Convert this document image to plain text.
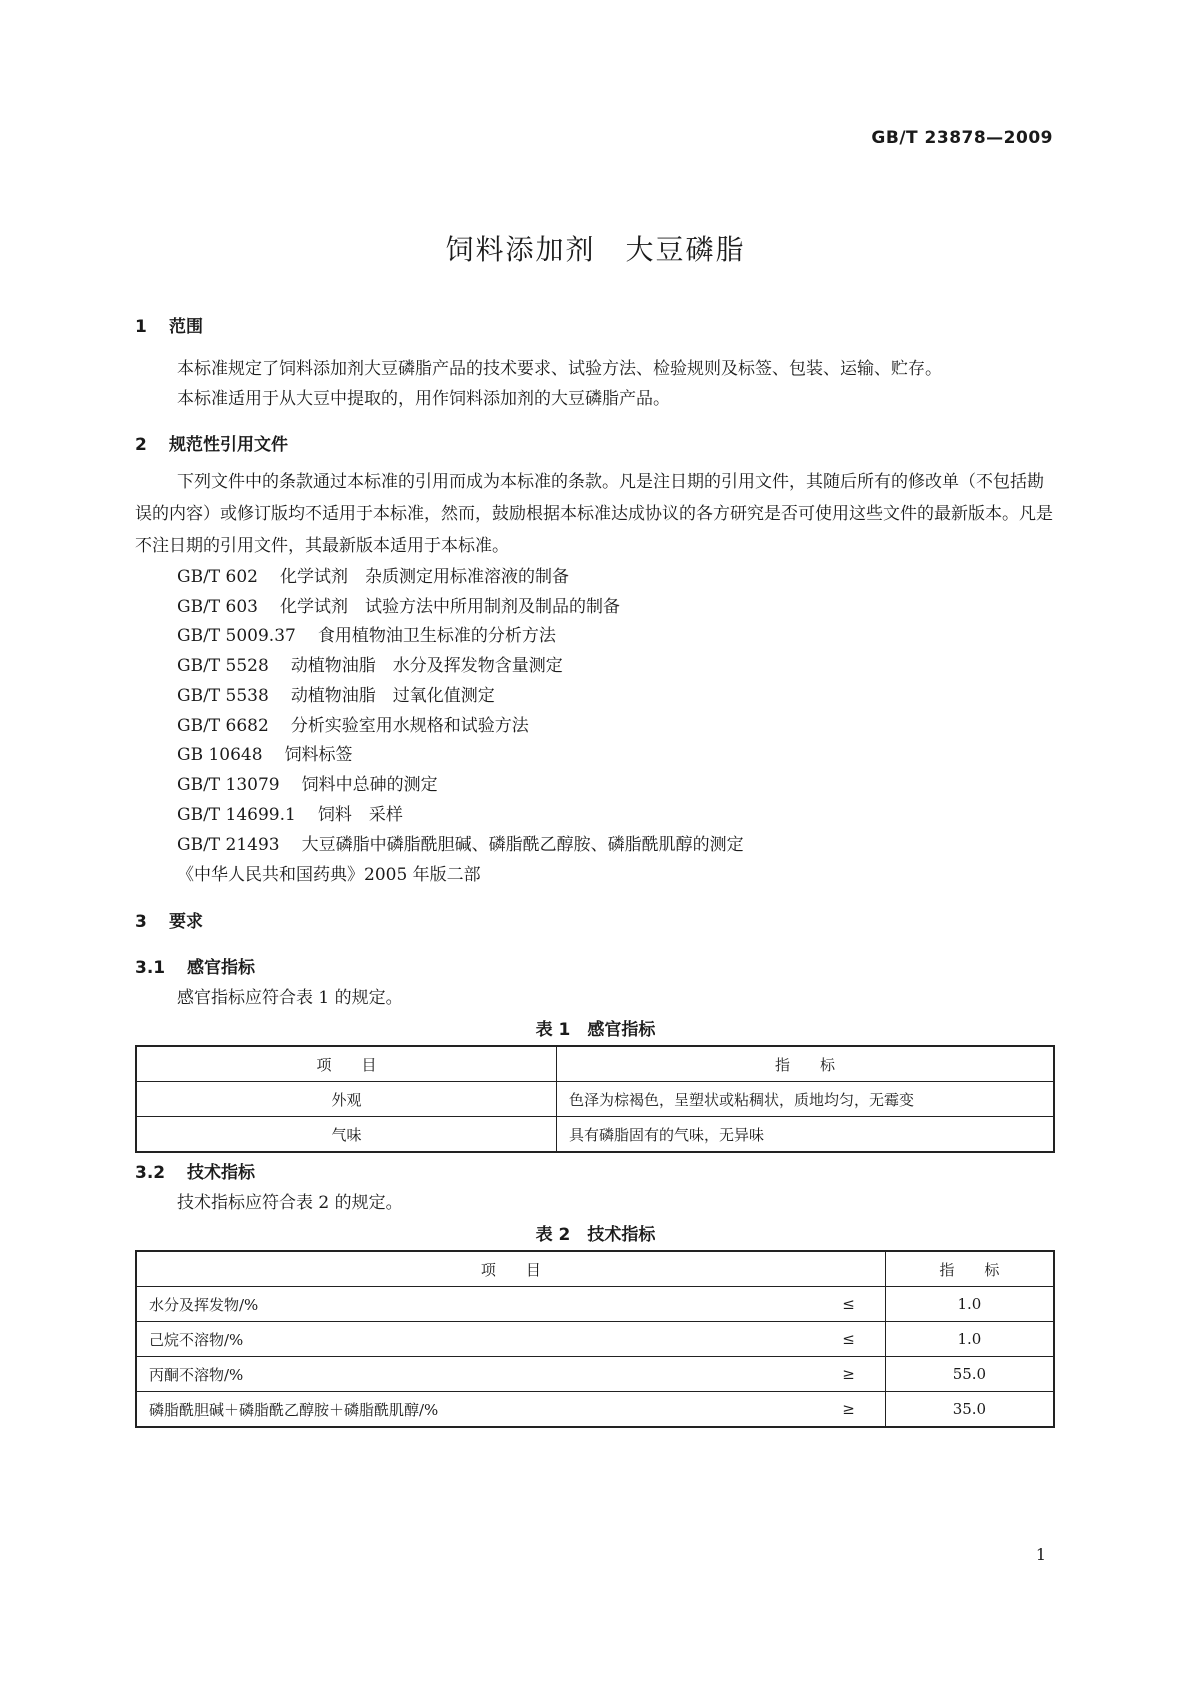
GB/T 23878—2009
饲料添加剂　大豆磷脂
1 范围
本标准规定了饲料添加剂大豆磷脂产品的技术要求、试验方法、检验规则及标签、包装、运输、贮存。
本标准适用于从大豆中提取的，用作饲料添加剂的大豆磷脂产品。
2 规范性引用文件
下列文件中的条款通过本标准的引用而成为本标准的条款。凡是注日期的引用文件，其随后所有的修改单（不包括勘误的内容）或修订版均不适用于本标准，然而，鼓励根据本标准达成协议的各方研究是否可使用这些文件的最新版本。凡是不注日期的引用文件，其最新版本适用于本标准。
GB/T 602 化学试剂　杂质测定用标准溶液的制备
GB/T 603 化学试剂　试验方法中所用制剂及制品的制备
GB/T 5009.37 食用植物油卫生标准的分析方法
GB/T 5528 动植物油脂　水分及挥发物含量测定
GB/T 5538 动植物油脂　过氧化值测定
GB/T 6682 分析实验室用水规格和试验方法
GB 10648 饲料标签
GB/T 13079 饲料中总砷的测定
GB/T 14699.1 饲料　采样
GB/T 21493 大豆磷脂中磷脂酰胆碱、磷脂酰乙醇胺、磷脂酰肌醇的测定
《中华人民共和国药典》2005 年版二部
3 要求
3.1 感官指标
感官指标应符合表 1 的规定。
表 1　感官指标
项　　目	指　　标
外观	色泽为棕褐色，呈塑状或粘稠状，质地均匀，无霉变
气味	具有磷脂固有的气味，无异味
3.2 技术指标
技术指标应符合表 2 的规定。
表 2　技术指标
项　　目		指　　标
水分及挥发物/%	≤	1.0
己烷不溶物/%	≤	1.0
丙酮不溶物/%	≥	55.0
磷脂酰胆碱＋磷脂酰乙醇胺＋磷脂酰肌醇/%	≥	35.0
1
